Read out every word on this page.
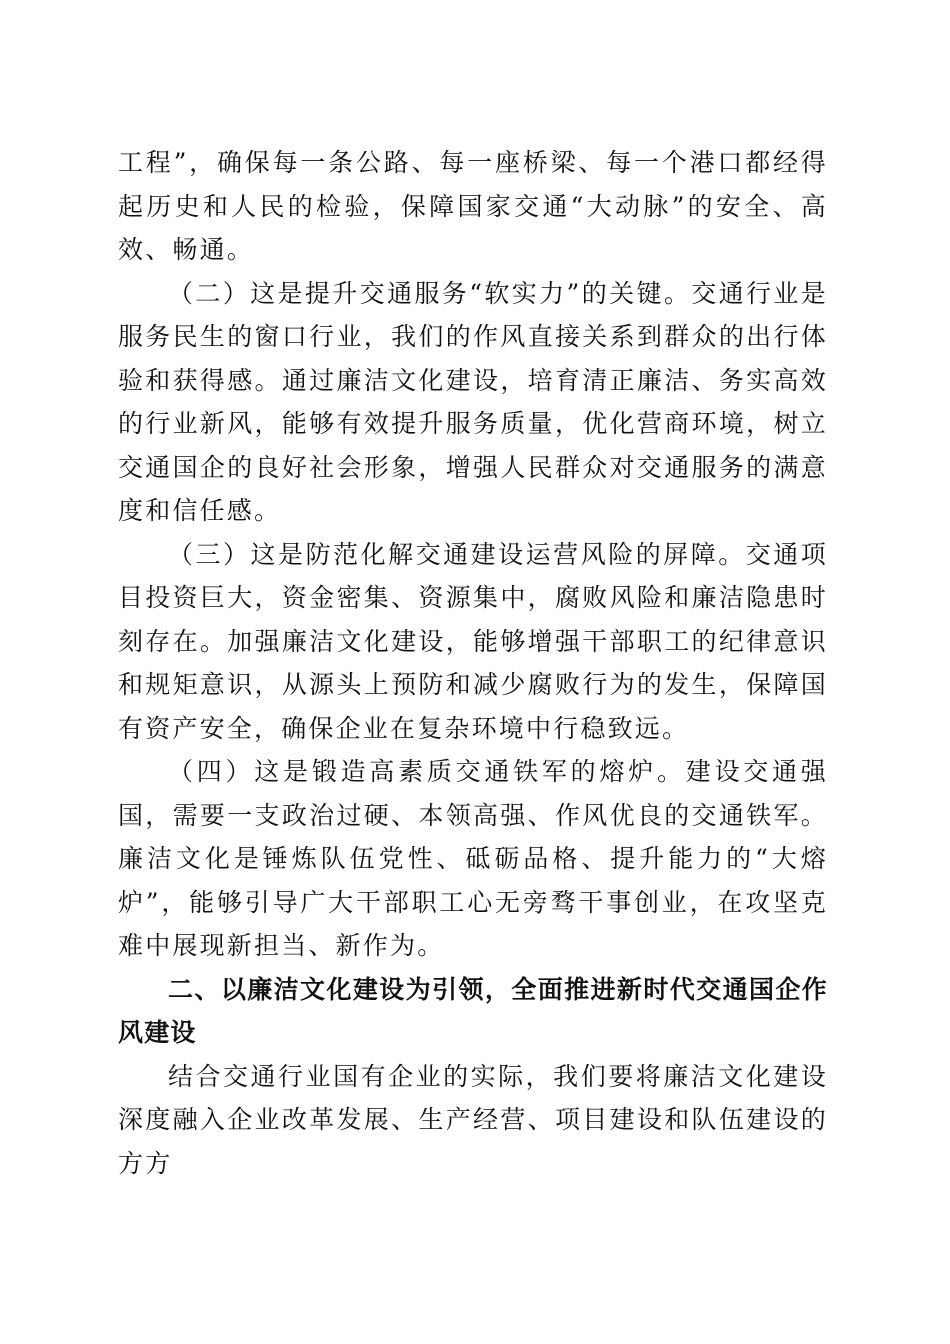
工程”，确保每一条公路、每一座桥梁、每一个港口都经得起历史和人民的检验，保障国家交通“大动脉”的安全、高效、畅通。

（二）这是提升交通服务“软实力”的关键。交通行业是服务民生的窗口行业，我们的作风直接关系到群众的出行体验和获得感。通过廉洁文化建设，培育清正廉洁、务实高效的行业新风，能够有效提升服务质量，优化营商环境，树立交通国企的良好社会形象，增强人民群众对交通服务的满意度和信任感。

（三）这是防范化解交通建设运营风险的屏障。交通项目投资巨大，资金密集、资源集中，腐败风险和廉洁隐患时刻存在。加强廉洁文化建设，能够增强干部职工的纪律意识和规矩意识，从源头上预防和减少腐败行为的发生，保障国有资产安全，确保企业在复杂环境中行稳致远。

（四）这是锻造高素质交通铁军的熔炉。建设交通强国，需要一支政治过硬、本领高强、作风优良的交通铁军。廉洁文化是锤炼队伍党性、砥砺品格、提升能力的“大熔炉”，能够引导广大干部职工心无旁骛干事创业，在攻坚克难中展现新担当、新作为。

二、以廉洁文化建设为引领，全面推进新时代交通国企作风建设

结合交通行业国有企业的实际，我们要将廉洁文化建设深度融入企业改革发展、生产经营、项目建设和队伍建设的方方
